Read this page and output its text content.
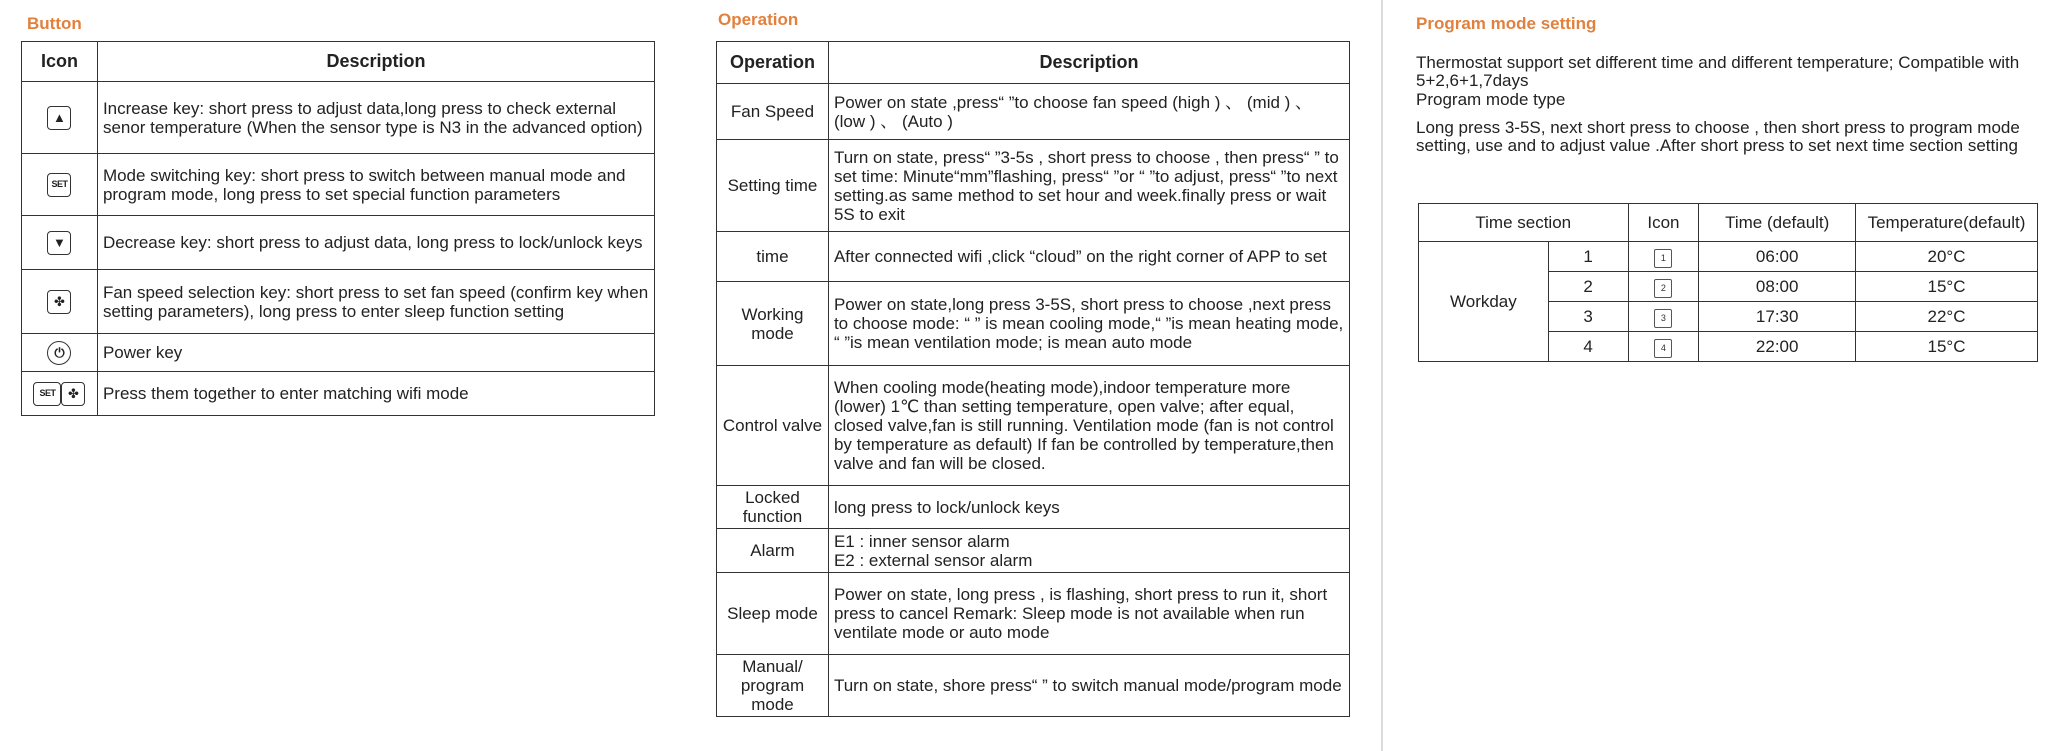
Button
Icon	Description
▲	Increase key: short press to adjust data,long press to check external senor temperature (When the sensor type is N3 in the advanced option)
SET	Mode switching key: short press to switch between manual mode and program mode, long press to set special function parameters
▼	Decrease key: short press to adjust data, long press to lock/unlock keys
✤	Fan speed selection key: short press to set fan speed (confirm key when setting parameters), long press to enter sleep function setting
⏻	Power key
SET ✤	Press them together to enter matching wifi mode
Operation
Operation	Description
Fan Speed	Power on state ,press“ ”to choose fan speed (high ) 、 (mid ) 、 (low ) 、 (Auto )
Setting time	Turn on state, press“ ”3-5s , short press to choose , then press“ ” to set time: Minute“mm”flashing, press“ ”or “ ”to adjust, press“ ”to next setting.as same method to set hour and week.finally press or wait 5S to exit
time	After connected wifi ,click “cloud” on the right corner of APP to set
Working mode	Power on state,long press 3-5S, short press to choose ,next press to choose mode: “ ” is mean cooling mode,“ ”is mean heating mode, “ ”is mean ventilation mode; is mean auto mode
Control valve	When cooling mode(heating mode),indoor temperature more (lower) 1℃ than setting temperature, open valve; after equal, closed valve,fan is still running. Ventilation mode (fan is not control by temperature as default) If fan be controlled by temperature,then valve and fan will be closed.
Locked function	long press to lock/unlock keys
Alarm	E1 : inner sensor alarm
E2 : external sensor alarm

Sleep mode	Power on state, long press , is flashing, short press to run it, short press to cancel Remark: Sleep mode is not available when run ventilate mode or auto mode
Manual/ program mode	Turn on state, shore press“ ” to switch manual mode/program mode
Program mode setting
Thermostat support set different time and different temperature; Compatible with 5+2,6+1,7days
Program mode type
Long press 3-5S, next short press to choose , then short press to program mode setting, use and to adjust value .After short press to set next time section setting
Time section		Icon	Time (default)	Temperature(default)
Workday	1	1	06:00	20°C
	2	2	08:00	15°C
	3	3	17:30	22°C
	4	4	22:00	15°C
